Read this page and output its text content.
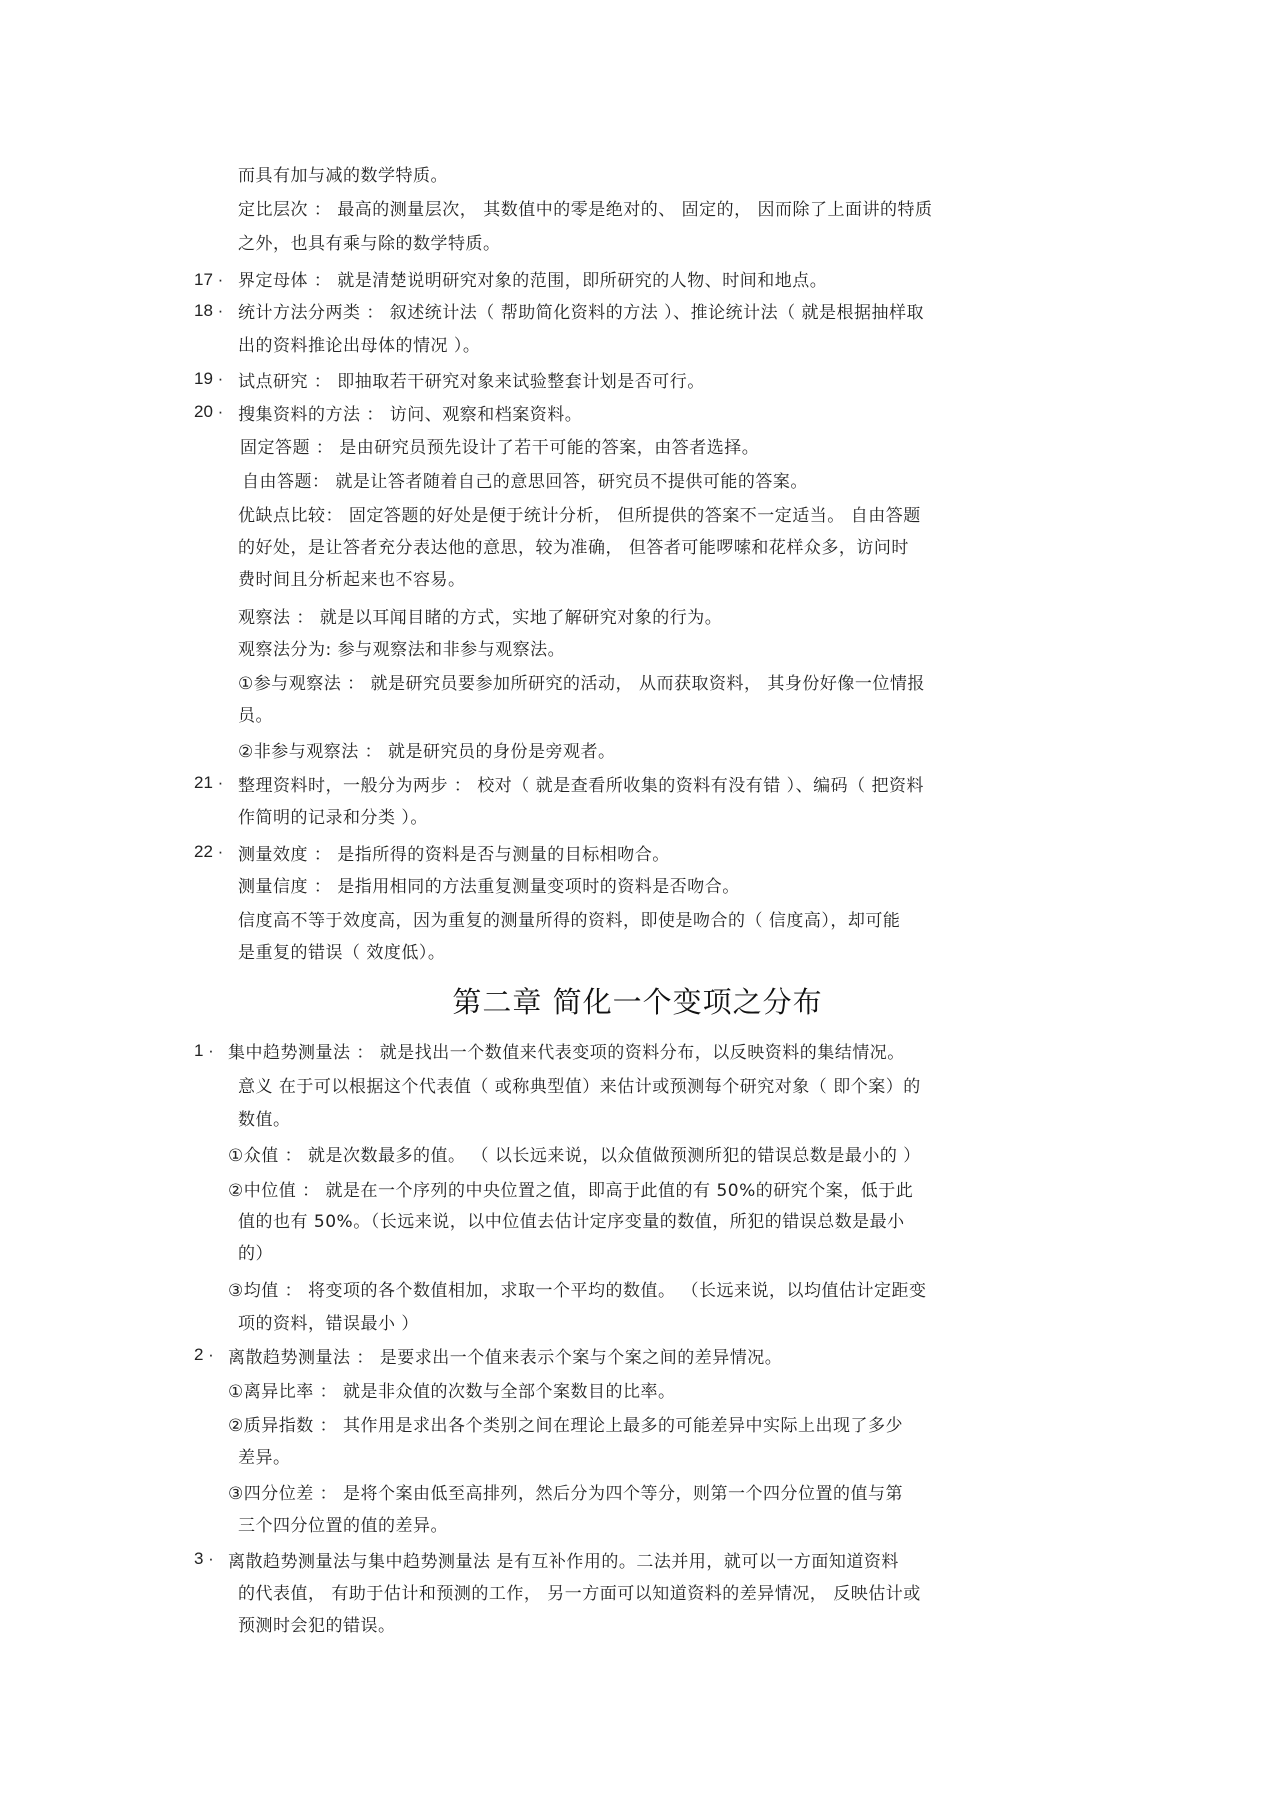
而具有加与减的数学特质。
定比层次 ： 最高的测量层次， 其数值中的零是绝对的、 固定的， 因而除了上面讲的特质
之外，也具有乘与除的数学特质。
17 · 界定母体 ： 就是清楚说明研究对象的范围，即所研究的人物、时间和地点。
18 · 统计方法分两类 ： 叙述统计法（ 帮助简化资料的方法 ）、推论统计法（ 就是根据抽样取
出的资料推论出母体的情况 ）。
19 · 试点研究 ： 即抽取若干研究对象来试验整套计划是否可行。
20 · 搜集资料的方法 ： 访问、观察和档案资料。
固定答题 ： 是由研究员预先设计了若干可能的答案，由答者选择。
自由答题： 就是让答者随着自己的意思回答，研究员不提供可能的答案。
优缺点比较： 固定答题的好处是便于统计分析， 但所提供的答案不一定适当。 自由答题
的好处，是让答者充分表达他的意思，较为准确， 但答者可能啰嗦和花样众多，访问时
费时间且分析起来也不容易。
观察法 ： 就是以耳闻目睹的方式，实地了解研究对象的行为。
观察法分为: 参与观察法和非参与观察法。
①参与观察法 ： 就是研究员要参加所研究的活动， 从而获取资料， 其身份好像一位情报
员。
②非参与观察法 ： 就是研究员的身份是旁观者。
21 · 整理资料时，一般分为两步 ： 校对（ 就是查看所收集的资料有没有错 ）、编码（ 把资料
作简明的记录和分类 ）。
22 · 测量效度 ： 是指所得的资料是否与测量的目标相吻合。
测量信度 ： 是指用相同的方法重复测量变项时的资料是否吻合。
信度高不等于效度高，因为重复的测量所得的资料，即使是吻合的（ 信度高），却可能
是重复的错误（ 效度低）。
第二章 简化一个变项之分布
1 · 集中趋势测量法 ： 就是找出一个数值来代表变项的资料分布，以反映资料的集结情况。
意义 在于可以根据这个代表值（ 或称典型值）来估计或预测每个研究对象（ 即个案）的
数值。
①众值 ： 就是次数最多的值。 （ 以长远来说，以众值做预测所犯的错误总数是最小的 ）
②中位值 ： 就是在一个序列的中央位置之值，即高于此值的有 50%的研究个案，低于此
值的也有 50%。（长远来说，以中位值去估计定序变量的数值，所犯的错误总数是最小
的）
③均值 ： 将变项的各个数值相加，求取一个平均的数值。 （长远来说，以均值估计定距变
项的资料，错误最小 ）
2 · 离散趋势测量法 ： 是要求出一个值来表示个案与个案之间的差异情况。
①离异比率 ： 就是非众值的次数与全部个案数目的比率。
②质异指数 ： 其作用是求出各个类别之间在理论上最多的可能差异中实际上出现了多少
差异。
③四分位差 ： 是将个案由低至高排列，然后分为四个等分，则第一个四分位置的值与第
三个四分位置的值的差异。
3 · 离散趋势测量法与集中趋势测量法 是有互补作用的。二法并用，就可以一方面知道资料
的代表值， 有助于估计和预测的工作， 另一方面可以知道资料的差异情况， 反映估计或
预测时会犯的错误。
